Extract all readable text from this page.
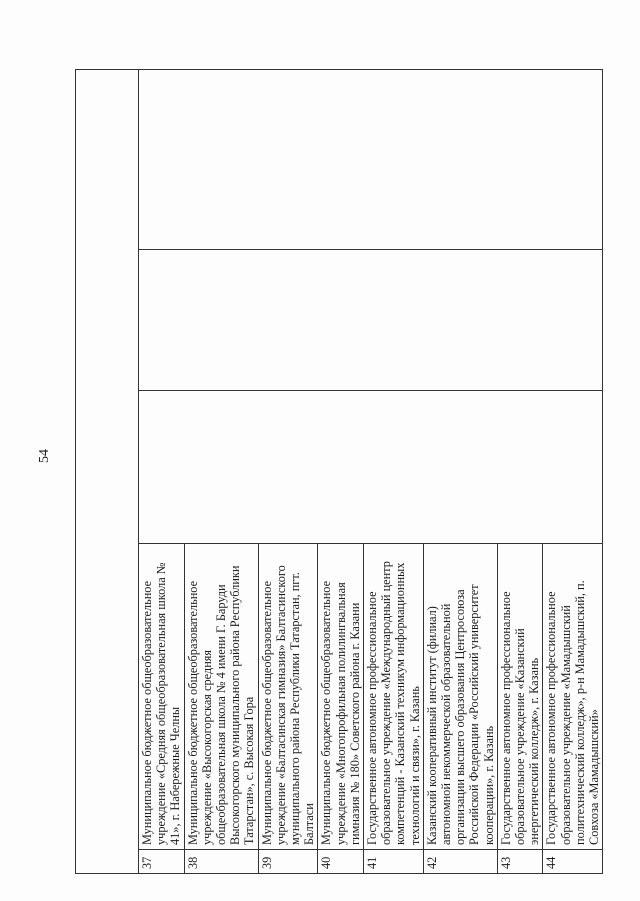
54

37	Муниципальное бюджетное общеобразовательное учреждение «Средняя общеобразовательная школа № 41», г. Набережные Челны			
38	Муниципальное бюджетное общеобразовательное учреждение «Высокогорская средняя общеобразовательная школа № 4 имени Г. Баруди Высокогорского муниципального района Республики Татарстан», с. Высокая Гора			
39	Муниципальное бюджетное общеобразовательное учреждение «Балтасинская гимназия» Балтасинского муниципального района Республики Татарстан, пгт. Балтаси			
40	Муниципальное бюджетное общеобразовательное учреждение «Многопрофильная полилингвальная гимназия № 180» Советского района г. Казани			
41	Государственное автономное профессиональное образовательное учреждение «Международный центр компетенций - Казанский техникум информационных технологий и связи», г. Казань			
42	Казанский кооперативный институт (филиал) автономной некоммерческой образовательной организации высшего образования Центросоюза Российской Федерации «Российский университет кооперации», г. Казань			
43	Государственное автономное профессиональное образовательное учреждение «Казанский энергетический колледж», г. Казань			
44	Государственное автономное профессиональное образовательное учреждение «Мамадышский политехнический колледж», р-н Мамадышский, п. Совхоза «Мамадышский»			
